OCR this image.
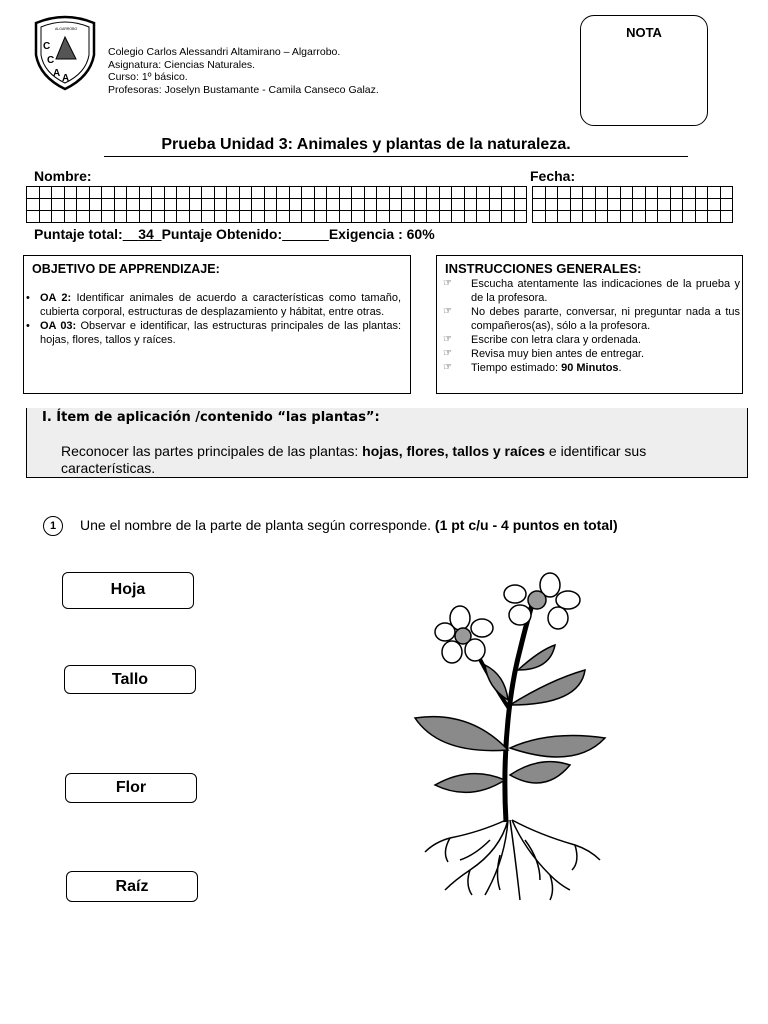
C
C
A A
ALGARROBO
Colegio Carlos Alessandri Altamirano – Algarrobo.
Asignatura: Ciencias Naturales.
Curso: 1º básico.
Profesoras: Joselyn Bustamante - Camila Canseco Galaz.
NOTA
Prueba Unidad 3: Animales y plantas de la naturaleza.
Nombre:	Fecha:

Puntaje total: 34 Puntaje Obtenido:	Exigencia : 60%
OBJETIVO DE APPRENDIZAJE:
• OA 2: Identificar animales de acuerdo a características como tamaño, cubierta corporal, estructuras de desplazamiento y hábitat, entre otras.
• OA 03: Observar e identificar, las estructuras principales de las plantas: hojas, flores, tallos y raíces.
INSTRUCCIONES GENERALES:
☞ Escucha atentamente las indicaciones de la prueba y de la profesora.
☞ No debes pararte, conversar, ni preguntar nada a tus compañeros(as), sólo a la profesora.
☞ Escribe con letra clara y ordenada.
☞ Revisa muy bien antes de entregar.
☞ Tiempo estimado: 90 Minutos.
I. Ítem de aplicación /contenido “las plantas”:
Reconocer las partes principales de las plantas: hojas, flores, tallos y raíces e identificar sus características.
1	Une el nombre de la parte de planta según corresponde. (1 pt c/u - 4 puntos en total)
Hoja
Tallo
Flor
Raíz
